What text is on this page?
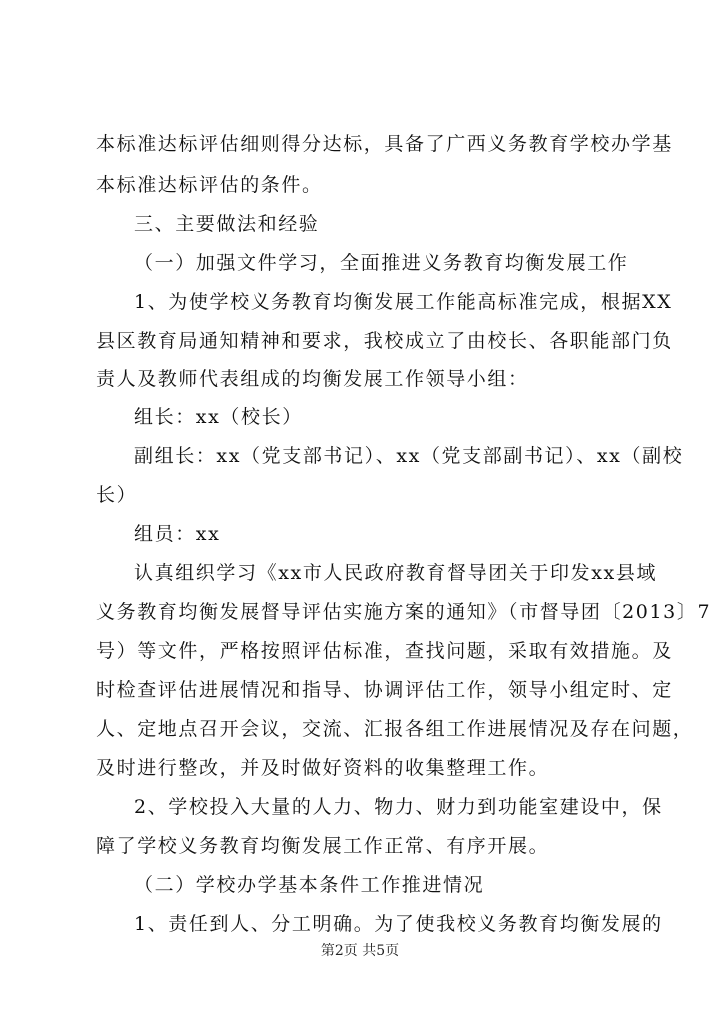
本标准达标评估细则得分达标，具备了广西义务教育学校办学基
本标准达标评估的条件。
三、主要做法和经验
（一）加强文件学习，全面推进义务教育均衡发展工作
1、为使学校义务教育均衡发展工作能高标准完成，根据XX
县区教育局通知精神和要求，我校成立了由校长、各职能部门负
责人及教师代表组成的均衡发展工作领导小组：
组长：xx（校长）
副组长：xx（党支部书记）、xx（党支部副书记）、xx（副校
长）
组员：xx
认真组织学习《xx市人民政府教育督导团关于印发xx县域
义务教育均衡发展督导评估实施方案的通知》（市督导团〔2013〕7
号）等文件，严格按照评估标准，查找问题，采取有效措施。及
时检查评估进展情况和指导、协调评估工作，领导小组定时、定
人、定地点召开会议，交流、汇报各组工作进展情况及存在问题，
及时进行整改，并及时做好资料的收集整理工作。
2、学校投入大量的人力、物力、财力到功能室建设中，保
障了学校义务教育均衡发展工作正常、有序开展。
（二）学校办学基本条件工作推进情况
1、责任到人、分工明确。为了使我校义务教育均衡发展的
第2页 共5页
